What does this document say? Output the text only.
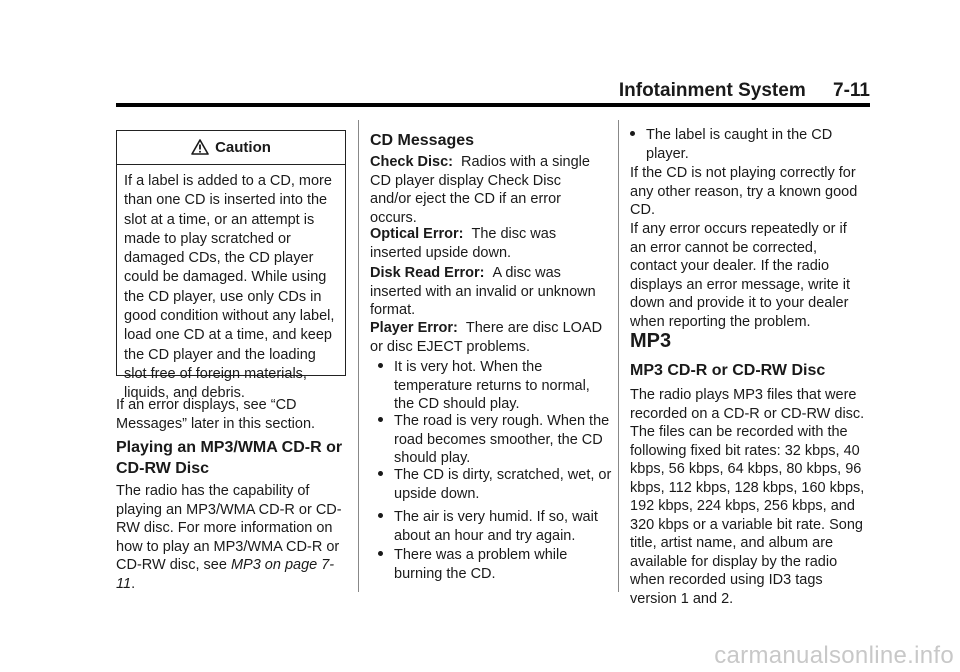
Infotainment System 7-11
Caution
If a label is added to a CD, more than one CD is inserted into the slot at a time, or an attempt is made to play scratched or damaged CDs, the CD player could be damaged. While using the CD player, use only CDs in good condition without any label, load one CD at a time, and keep the CD player and the loading slot free of foreign materials, liquids, and debris.

If an error displays, see “CD Messages” later in this section.

Playing an MP3/WMA CD-R or CD-RW Disc

The radio has the capability of playing an MP3/WMA CD-R or CD-RW disc. For more information on how to play an MP3/WMA CD-R or CD-RW disc, see MP3 on page 7-11.

CD Messages

Check Disc: Radios with a single CD player display Check Disc and/or eject the CD if an error occurs.

Optical Error: The disc was inserted upside down.

Disk Read Error: A disc was inserted with an invalid or unknown format.

Player Error: There are disc LOAD or disc EJECT problems.

It is very hot. When the temperature returns to normal, the CD should play.
The road is very rough. When the road becomes smoother, the CD should play.
The CD is dirty, scratched, wet, or upside down.
The air is very humid. If so, wait about an hour and try again.
There was a problem while burning the CD.
The label is caught in the CD player.

If the CD is not playing correctly for any other reason, try a known good CD.

If any error occurs repeatedly or if an error cannot be corrected, contact your dealer. If the radio displays an error message, write it down and provide it to your dealer when reporting the problem.

MP3
MP3 CD-R or CD-RW Disc

The radio plays MP3 files that were recorded on a CD-R or CD-RW disc. The files can be recorded with the following fixed bit rates: 32 kbps, 40 kbps, 56 kbps, 64 kbps, 80 kbps, 96 kbps, 112 kbps, 128 kbps, 160 kbps, 192 kbps, 224 kbps, 256 kbps, and 320 kbps or a variable bit rate. Song title, artist name, and album are available for display by the radio when recorded using ID3 tags version 1 and 2.

carmanualsonline.info
